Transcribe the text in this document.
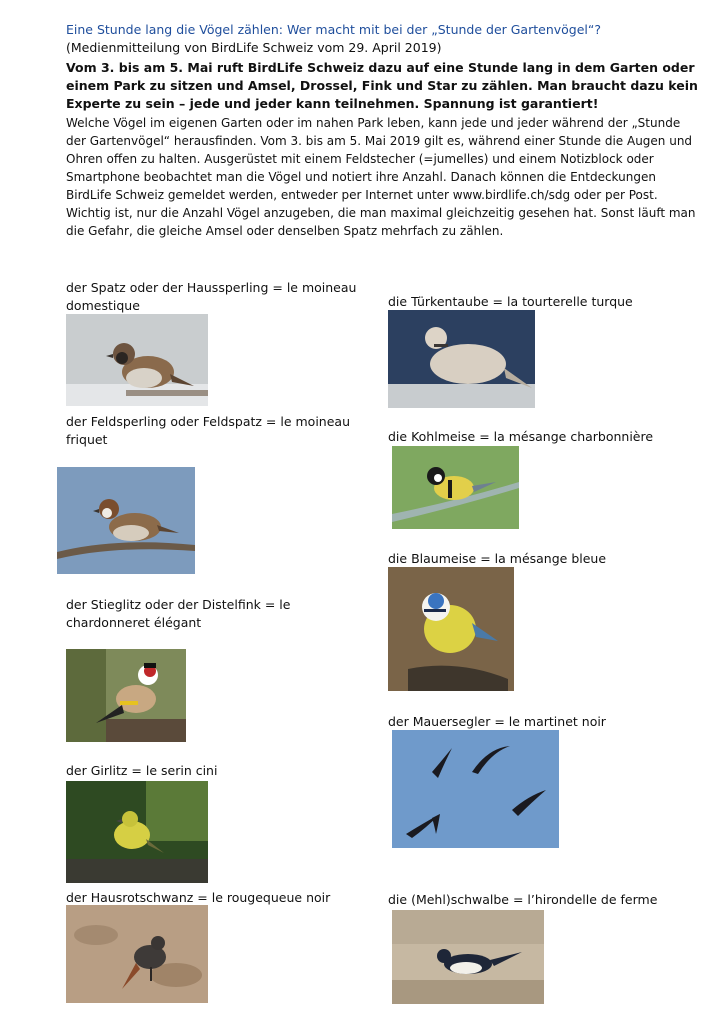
Eine Stunde lang die Vögel zählen: Wer macht mit bei der „Stunde der Gartenvögel“?
(Medienmitteilung von BirdLife Schweiz vom 29. April 2019)
Vom 3. bis am 5. Mai ruft BirdLife Schweiz dazu auf eine Stunde lang in dem Garten oder einem Park zu sitzen und Amsel, Drossel, Fink und Star zu zählen. Man braucht dazu kein Experte zu sein – jede und jeder kann teilnehmen. Spannung ist garantiert!
Welche Vögel im eigenen Garten oder im nahen Park leben, kann jede und jeder während der „Stunde der Gartenvögel“ herausfinden. Vom 3. bis am 5. Mai 2019 gilt es, während einer Stunde die Augen und Ohren offen zu halten. Ausgerüstet mit einem Feldstecher (=jumelles) und einem Notizblock oder Smartphone beobachtet man die Vögel und notiert ihre Anzahl. Danach können die Entdeckungen BirdLife Schweiz gemeldet werden, entweder per Internet unter www.birdlife.ch/sdg oder per Post. Wichtig ist, nur die Anzahl Vögel anzugeben, die man maximal gleichzeitig gesehen hat. Sonst läuft man die Gefahr, die gleiche Amsel oder denselben Spatz mehrfach zu zählen.
der Spatz oder der Haussperling = le moineau domestique
der Feldsperling oder Feldspatz = le moineau friquet
der Stieglitz oder der Distelfink = le chardonneret élégant
der Girlitz = le serin cini
der Hausrotschwanz = le rougequeue noir
die Türkentaube = la tourterelle turque
die Kohlmeise = la mésange charbonnière
die Blaumeise = la mésange bleue
der Mauersegler = le martinet noir
die (Mehl)schwalbe = l’hirondelle de ferme
